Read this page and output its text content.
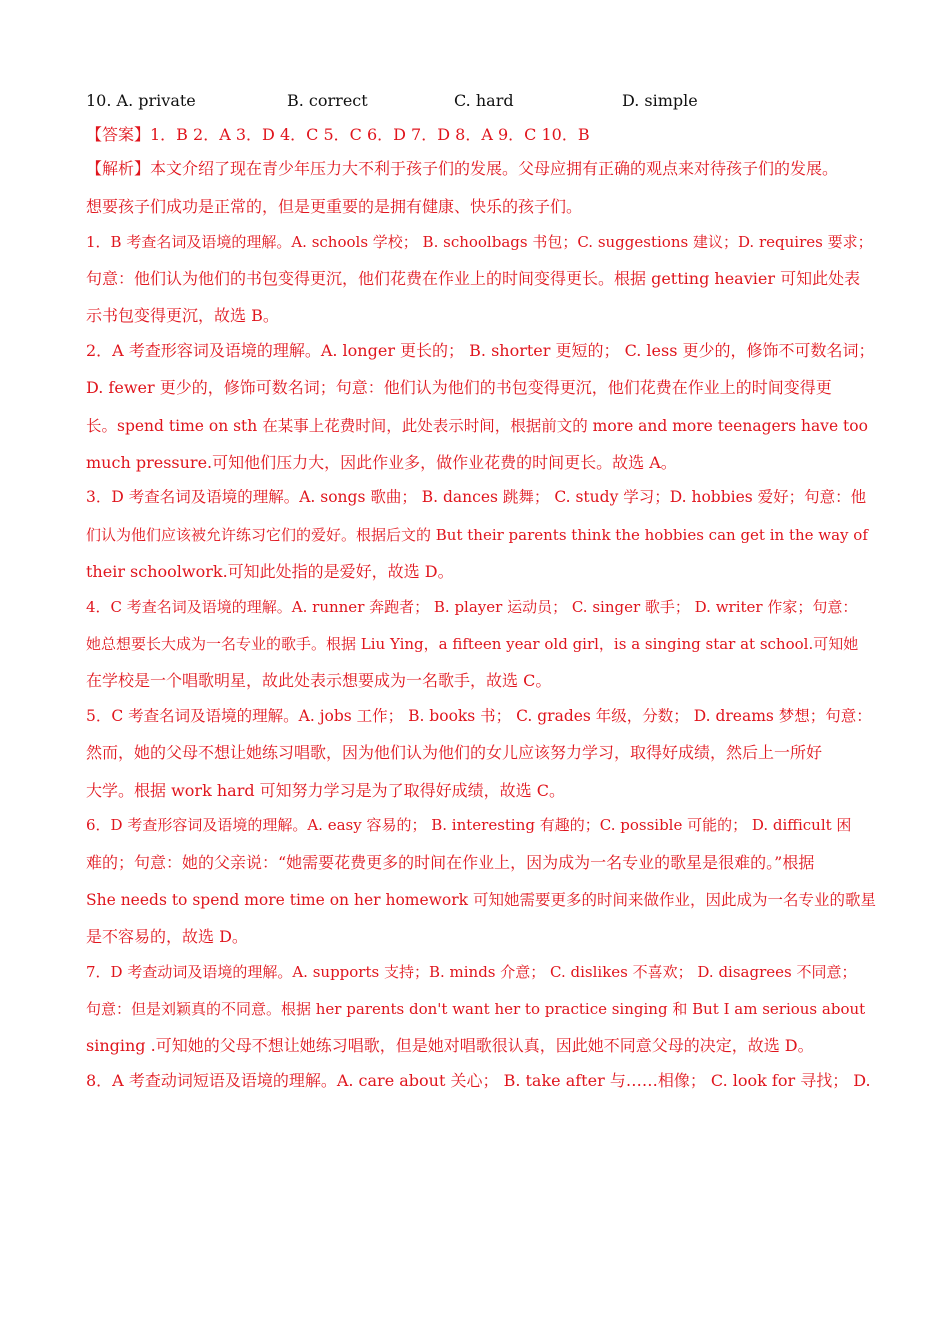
10. A. private	B. correct	C. hard	D. simple
【答案】1．B 2．A 3．D 4．C 5．C 6．D 7．D 8．A 9．C 10．B
【解析】本文介绍了现在青少年压力大不利于孩子们的发展。父母应拥有正确的观点来对待孩子们的发展。
想要孩子们成功是正常的，但是更重要的是拥有健康、快乐的孩子们。
1．B 考查名词及语境的理解。A. schools 学校； B. schoolbags 书包；C. suggestions 建议；D. requires 要求；
句意：他们认为他们的书包变得更沉，他们花费在作业上的时间变得更长。根据 getting heavier 可知此处表
示书包变得更沉，故选 B。
2．A 考查形容词及语境的理解。A. longer 更长的； B. shorter 更短的； C. less 更少的，修饰不可数名词；
D. fewer 更少的，修饰可数名词；句意：他们认为他们的书包变得更沉，他们花费在作业上的时间变得更
长。spend time on sth 在某事上花费时间，此处表示时间，根据前文的 more and more teenagers have too
much pressure.可知他们压力大，因此作业多，做作业花费的时间更长。故选 A。
3．D 考查名词及语境的理解。A. songs 歌曲； B. dances 跳舞； C. study 学习；D. hobbies 爱好；句意：他
们认为他们应该被允许练习它们的爱好。根据后文的 But their parents think the hobbies can get in the way of
their schoolwork.可知此处指的是爱好，故选 D。
4．C 考查名词及语境的理解。A. runner 奔跑者； B. player 运动员； C. singer 歌手； D. writer 作家；句意：
她总想要长大成为一名专业的歌手。根据 Liu Ying，a fifteen year old girl，is a singing star at school.可知她
在学校是一个唱歌明星，故此处表示想要成为一名歌手，故选 C。
5．C 考查名词及语境的理解。A. jobs 工作； B. books 书； C. grades 年级，分数； D. dreams 梦想；句意：
然而，她的父母不想让她练习唱歌，因为他们认为他们的女儿应该努力学习，取得好成绩，然后上一所好
大学。根据 work hard 可知努力学习是为了取得好成绩，故选 C。
6．D 考查形容词及语境的理解。A. easy 容易的； B. interesting 有趣的；C. possible 可能的； D. difficult 困
难的；句意：她的父亲说：“她需要花费更多的时间在作业上，因为成为一名专业的歌星是很难的。”根据
She needs to spend more time on her homework 可知她需要更多的时间来做作业，因此成为一名专业的歌星
是不容易的，故选 D。
7．D 考查动词及语境的理解。A. supports 支持；B. minds 介意； C. dislikes 不喜欢； D. disagrees 不同意；
句意：但是刘颖真的不同意。根据 her parents don't want her to practice singing 和 But I am serious about
singing .可知她的父母不想让她练习唱歌，但是她对唱歌很认真，因此她不同意父母的决定，故选 D。
8．A 考查动词短语及语境的理解。A. care about 关心； B. take after 与……相像； C. look for 寻找； D.
